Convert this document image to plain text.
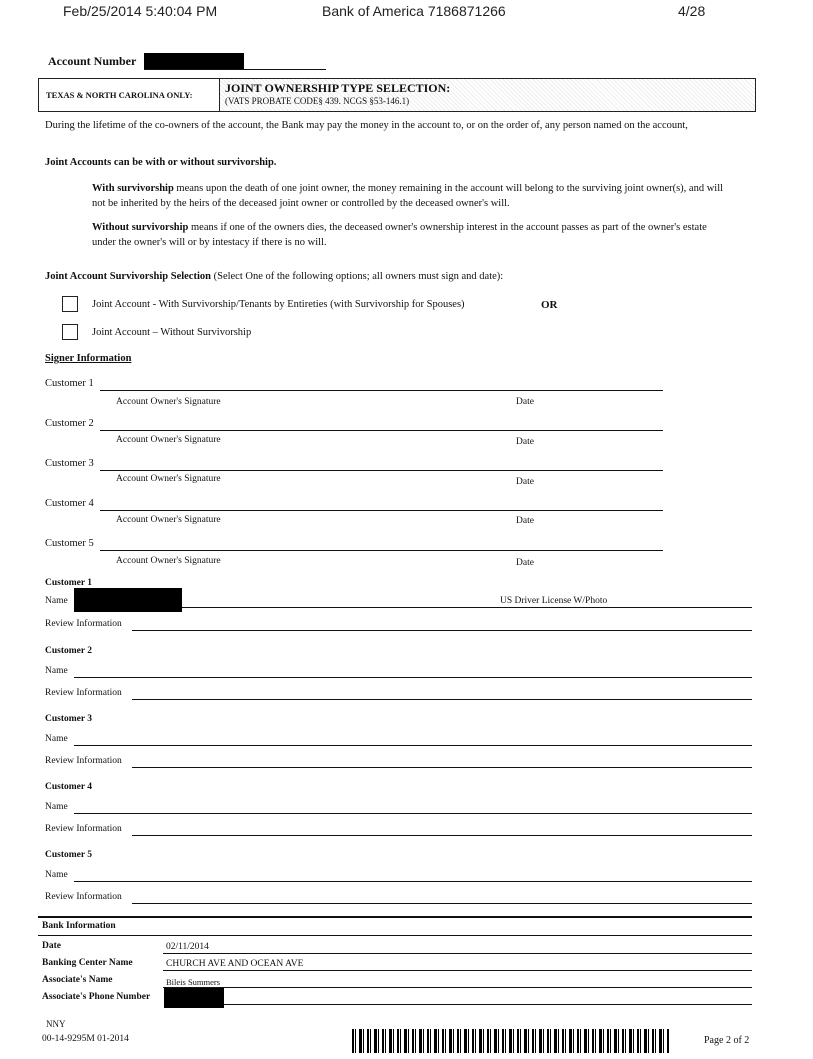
Feb/25/2014 5:40:04 PM	Bank of America 7186871266	4/28
Account Number
TEXAS & NORTH CAROLINA ONLY:	JOINT OWNERSHIP TYPE SELECTION:
(VATS PROBATE CODE§ 439. NCGS §53-146.1)
During the lifetime of the co-owners of the account, the Bank may pay the money in the account to, or on the order of, any person named on the account,
Joint Accounts can be with or without survivorship.
With survivorship means upon the death of one joint owner, the money remaining in the account will belong to the surviving joint owner(s), and will not be inherited by the heirs of the deceased joint owner or controlled by the deceased owner's will.
Without survivorship means if one of the owners dies, the deceased owner's ownership interest in the account passes as part of the owner's estate under the owner's will or by intestacy if there is no will.
Joint Account Survivorship Selection (Select One of the following options; all owners must sign and date):
Joint Account - With Survivorship/Tenants by Entireties (with Survivorship for Spouses)	OR
Joint Account – Without Survivorship
Signer Information
Customer 1
Account Owner's Signature	Date
Customer 2
Account Owner's Signature	Date
Customer 3
Account Owner's Signature	Date
Customer 4
Account Owner's Signature	Date
Customer 5
Account Owner's Signature	Date
Customer 1
Name	US Driver License W/Photo
Review Information
Customer 2
Name
Review Information
Customer 3
Name
Review Information
Customer 4
Name
Review Information
Customer 5
Name
Review Information
Bank Information
Date	02/11/2014
Banking Center Name	CHURCH AVE AND OCEAN AVE
Associate's Name	Bileis Summers
Associate's Phone Number
NNY
00-14-9295M 01-2014	Page 2 of 2
